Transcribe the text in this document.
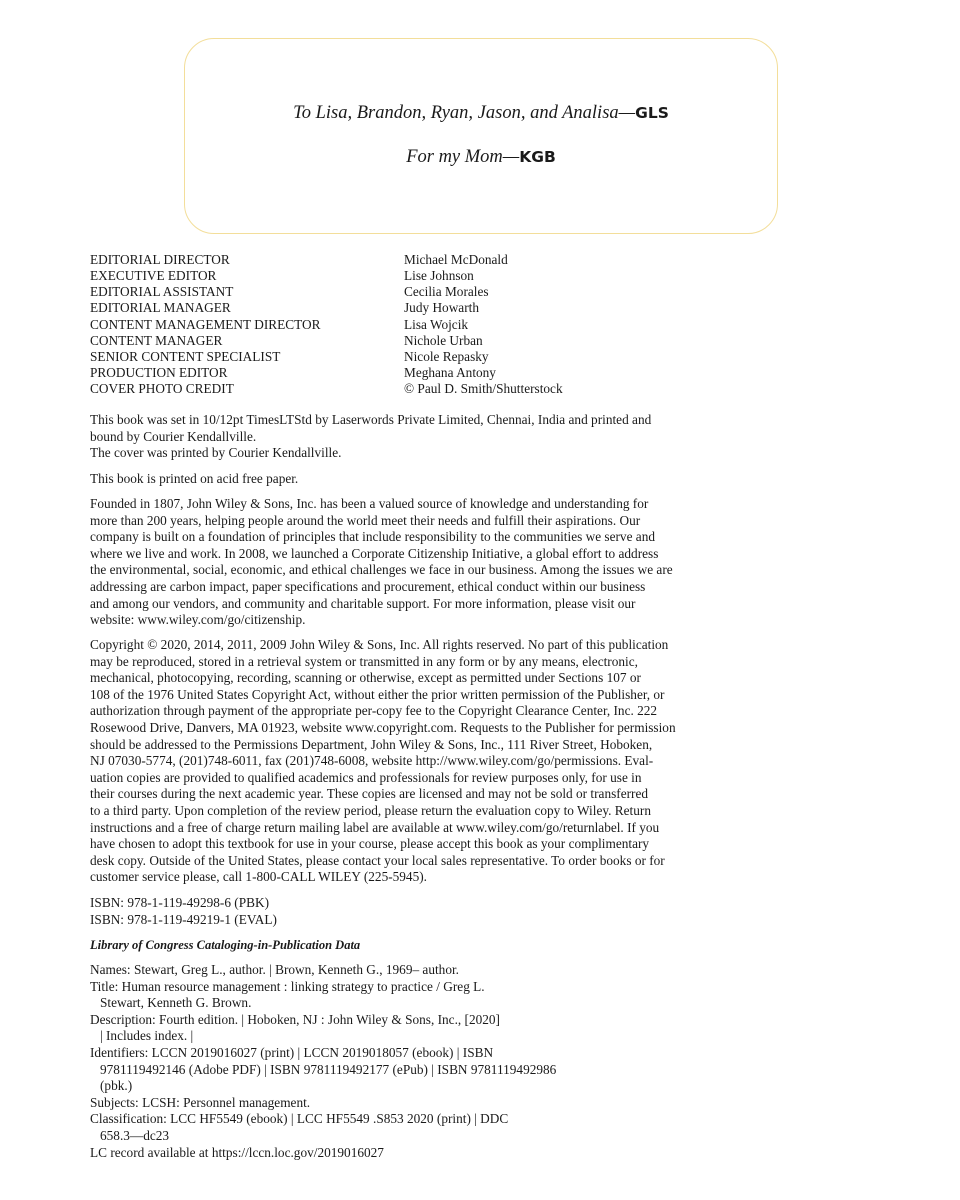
To Lisa, Brandon, Ryan, Jason, and Analisa—GLS
For my Mom—KGB
EDITORIAL DIRECTOR	Michael McDonald
EXECUTIVE EDITOR	Lise Johnson
EDITORIAL ASSISTANT	Cecilia Morales
EDITORIAL MANAGER	Judy Howarth
CONTENT MANAGEMENT DIRECTOR	Lisa Wojcik
CONTENT MANAGER	Nichole Urban
SENIOR CONTENT SPECIALIST	Nicole Repasky
PRODUCTION EDITOR	Meghana Antony
COVER PHOTO CREDIT	© Paul D. Smith/Shutterstock

This book was set in 10/12pt TimesLTStd by Laserwords Private Limited, Chennai, India and printed and

bound by Courier Kendallville.

The cover was printed by Courier Kendallville.

This book is printed on acid free paper.

Founded in 1807, John Wiley & Sons, Inc. has been a valued source of knowledge and understanding for

more than 200 years, helping people around the world meet their needs and fulfill their aspirations. Our

company is built on a foundation of principles that include responsibility to the communities we serve and

where we live and work. In 2008, we launched a Corporate Citizenship Initiative, a global effort to address

the environmental, social, economic, and ethical challenges we face in our business. Among the issues we are

addressing are carbon impact, paper specifications and procurement, ethical conduct within our business

and among our vendors, and community and charitable support. For more information, please visit our

website: www.wiley.com/go/citizenship.

Copyright © 2020, 2014, 2011, 2009 John Wiley & Sons, Inc. All rights reserved. No part of this publication

may be reproduced, stored in a retrieval system or transmitted in any form or by any means, electronic,

mechanical, photocopying, recording, scanning or otherwise, except as permitted under Sections 107 or

108 of the 1976 United States Copyright Act, without either the prior written permission of the Publisher, or

authorization through payment of the appropriate per-copy fee to the Copyright Clearance Center, Inc. 222

Rosewood Drive, Danvers, MA 01923, website www.copyright.com. Requests to the Publisher for permission

should be addressed to the Permissions Department, John Wiley & Sons, Inc., 111 River Street, Hoboken,

NJ 07030-5774, (201)748-6011, fax (201)748-6008, website http://www.wiley.com/go/permissions. Eval-

uation copies are provided to qualified academics and professionals for review purposes only, for use in

their courses during the next academic year. These copies are licensed and may not be sold or transferred

to a third party. Upon completion of the review period, please return the evaluation copy to Wiley. Return

instructions and a free of charge return mailing label are available at www.wiley.com/go/returnlabel. If you

have chosen to adopt this textbook for use in your course, please accept this book as your complimentary

desk copy. Outside of the United States, please contact your local sales representative. To order books or for

customer service please, call 1-800-CALL WILEY (225-5945).

ISBN: 978-1-119-49298-6 (PBK)

ISBN: 978-1-119-49219-1 (EVAL)

Library of Congress Cataloging-in-Publication Data

Names: Stewart, Greg L., author. | Brown, Kenneth G., 1969– author.

Title: Human resource management : linking strategy to practice / Greg L.
Stewart, Kenneth G. Brown.

Description: Fourth edition. | Hoboken, NJ : John Wiley & Sons, Inc., [2020]
| Includes index. |

Identifiers: LCCN 2019016027 (print) | LCCN 2019018057 (ebook) | ISBN
9781119492146 (Adobe PDF) | ISBN 9781119492177 (ePub) | ISBN 9781119492986
(pbk.)

Subjects: LCSH: Personnel management.

Classification: LCC HF5549 (ebook) | LCC HF5549 .S853 2020 (print) | DDC
658.3—dc23

LC record available at https://lccn.loc.gov/2019016027
